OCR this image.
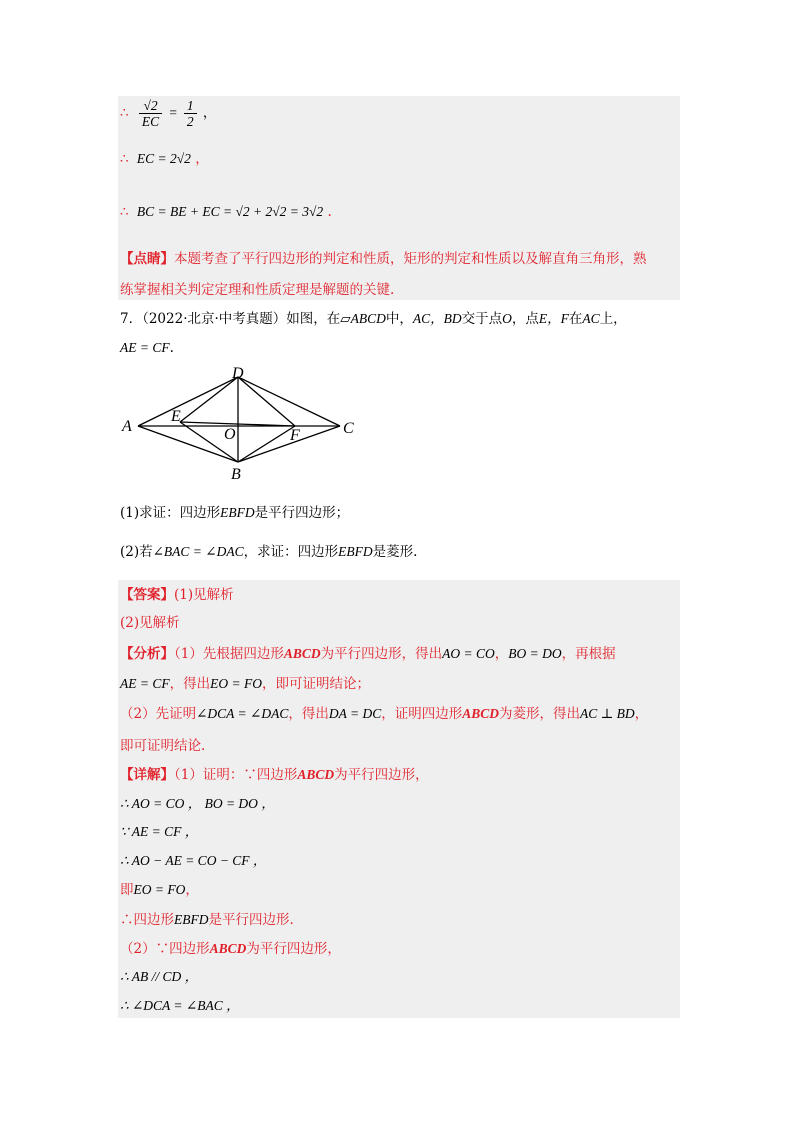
∴ $\frac{√2}{EC} = \frac{1}{2}$ ，
∴ EC = 2√2 ，
∴ BC = BE + EC = √2 + 2√2 = 3√2 .
【点睛】本题考查了平行四边形的判定和性质，矩形的判定和性质以及解直角三角形，熟
练掌握相关判定定理和性质定理是解题的关键.
7．（2022·北京·中考真题）如图，在▱ABCD中，AC，BD交于点O，点E，F在AC上，
AE = CF.
A
D
C
B
E
O	F
(1)求证：四边形EBFD是平行四边形；
(2)若∠BAC = ∠DAC，求证：四边形EBFD是菱形.
【答案】(1)见解析
(2)见解析
【分析】（1）先根据四边形ABCD为平行四边形，得出AO = CO，BO = DO，再根据
AE = CF，得出EO = FO，即可证明结论；
（2）先证明∠DCA = ∠DAC，得出DA = DC，证明四边形ABCD为菱形，得出AC ⊥ BD，
即可证明结论.
【详解】（1）证明：∵四边形ABCD为平行四边形，
∴ AO = CO ， BO = DO ，
∵ AE = CF ，
∴ AO − AE = CO − CF ，
即EO = FO，
∴四边形EBFD是平行四边形.
（2）∵四边形ABCD为平行四边形，
∴ AB // CD ，
∴ ∠DCA = ∠BAC ，
